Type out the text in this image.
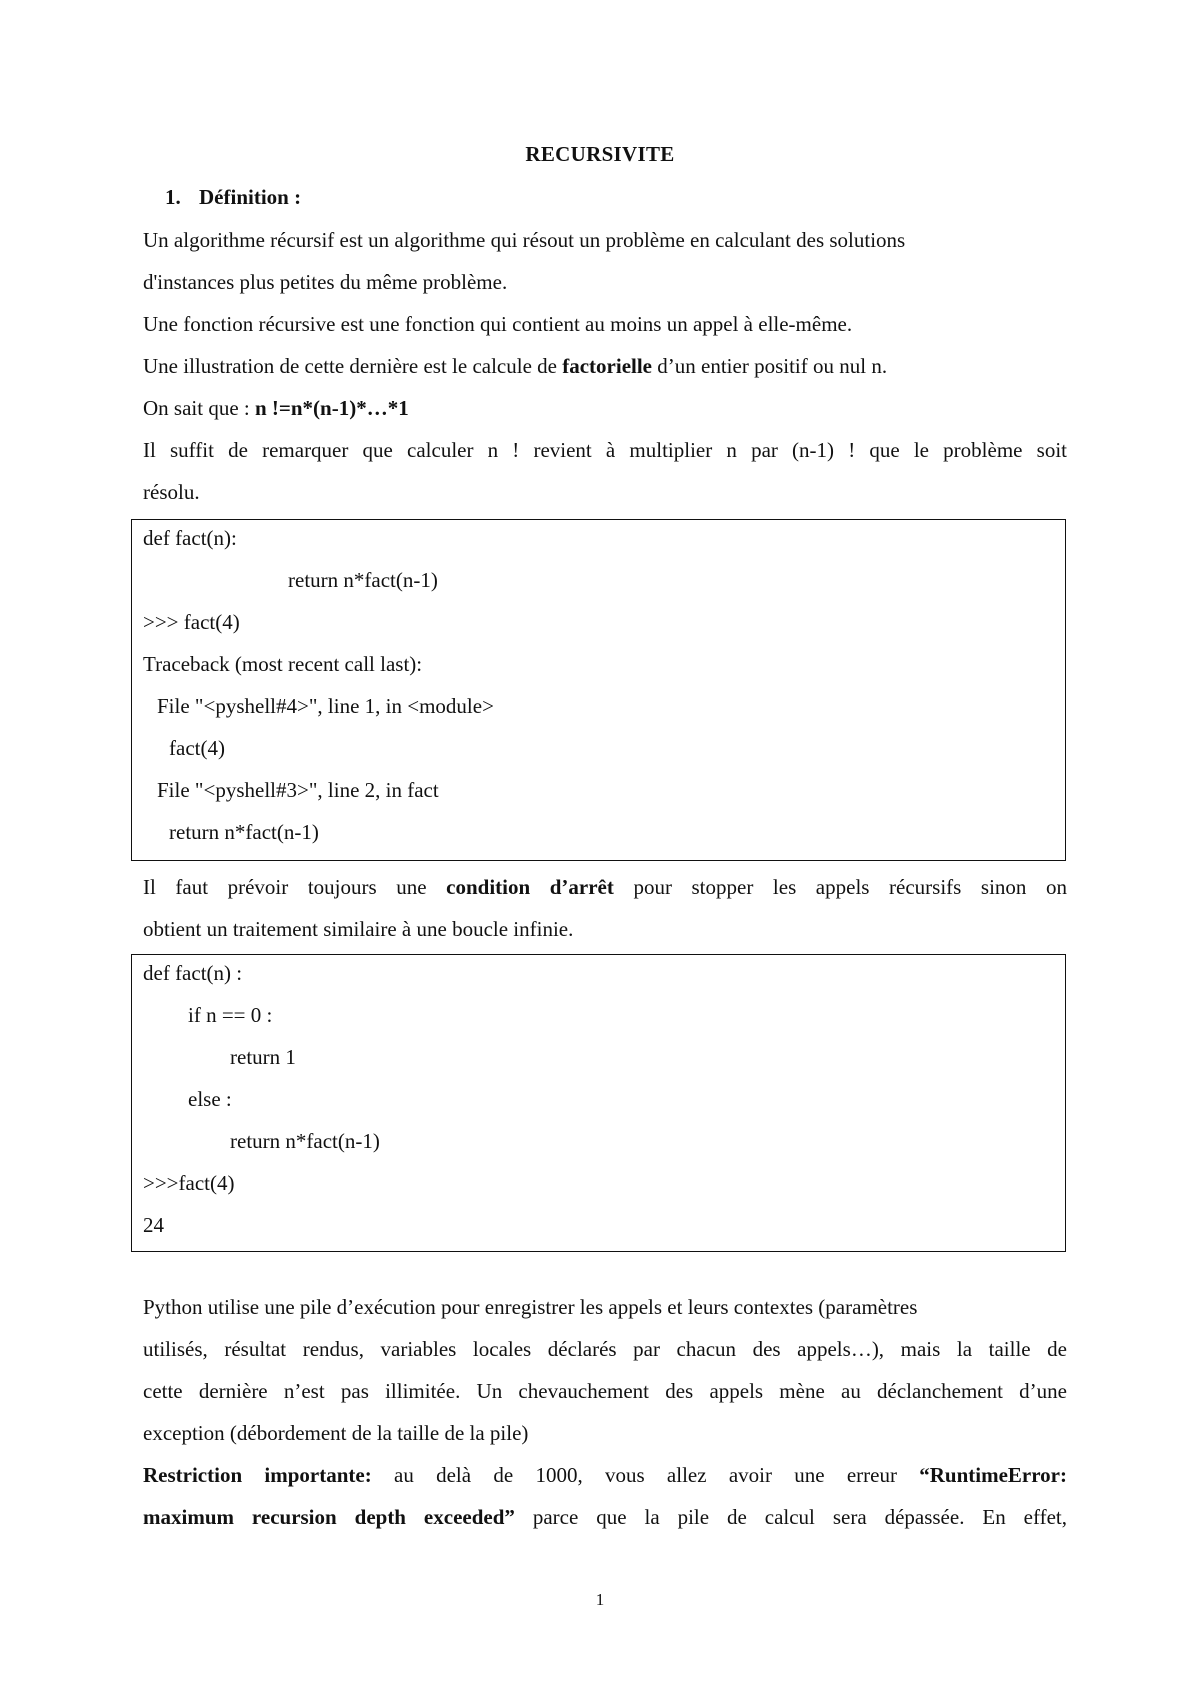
RECURSIVITE
1. Définition :
Un algorithme récursif est un algorithme qui résout un problème en calculant des solutions
d'instances plus petites du même problème.
Une fonction récursive est une fonction qui contient au moins un appel à elle-même.
Une illustration de cette dernière est le calcule de factorielle d’un entier positif ou nul n.
On sait que : n !=n*(n-1)*…*1
Il suffit de remarquer que calculer n ! revient à multiplier n par (n-1) ! que le problème soit
résolu.
def fact(n):
return n*fact(n-1)
>>> fact(4)
Traceback (most recent call last):
File "<pyshell#4>", line 1, in <module>
fact(4)
File "<pyshell#3>", line 2, in fact
return n*fact(n-1)
Il faut prévoir toujours une condition d’arrêt pour stopper les appels récursifs sinon on
obtient un traitement similaire à une boucle infinie.
def fact(n) :
if n == 0 :
return 1
else :
return n*fact(n-1)
>>>fact(4)
24
Python utilise une pile d’exécution pour enregistrer les appels et leurs contextes (paramètres
utilisés, résultat rendus, variables locales déclarés par chacun des appels…), mais la taille de
cette dernière n’est pas illimitée. Un chevauchement des appels mène au déclanchement d’une
exception (débordement de la taille de la pile)
Restriction importante: au delà de 1000, vous allez avoir une erreur “RuntimeError:
maximum recursion depth exceeded” parce que la pile de calcul sera dépassée. En effet,
1
